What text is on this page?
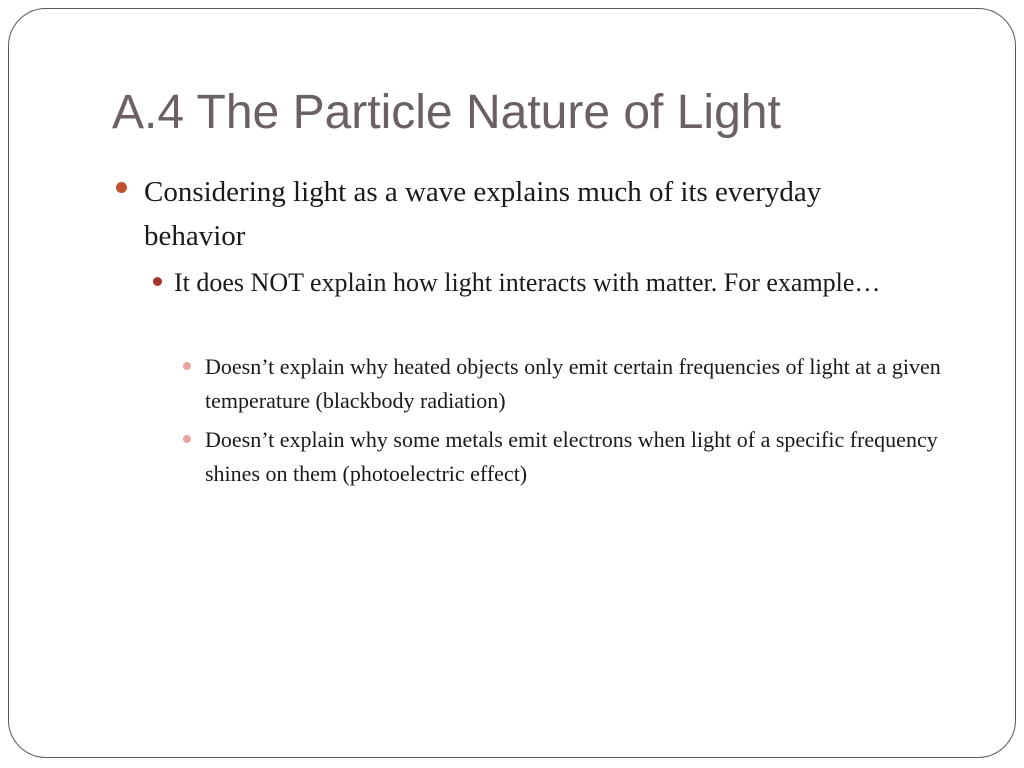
A.4 The Particle Nature of Light
Considering light as a wave explains much of its everyday behavior
It does NOT explain how light interacts with matter. For example…
Doesn’t explain why heated objects only emit certain frequencies of light at a given temperature (blackbody radiation)
Doesn’t explain why some metals emit electrons when light of a specific frequency shines on them (photoelectric effect)
